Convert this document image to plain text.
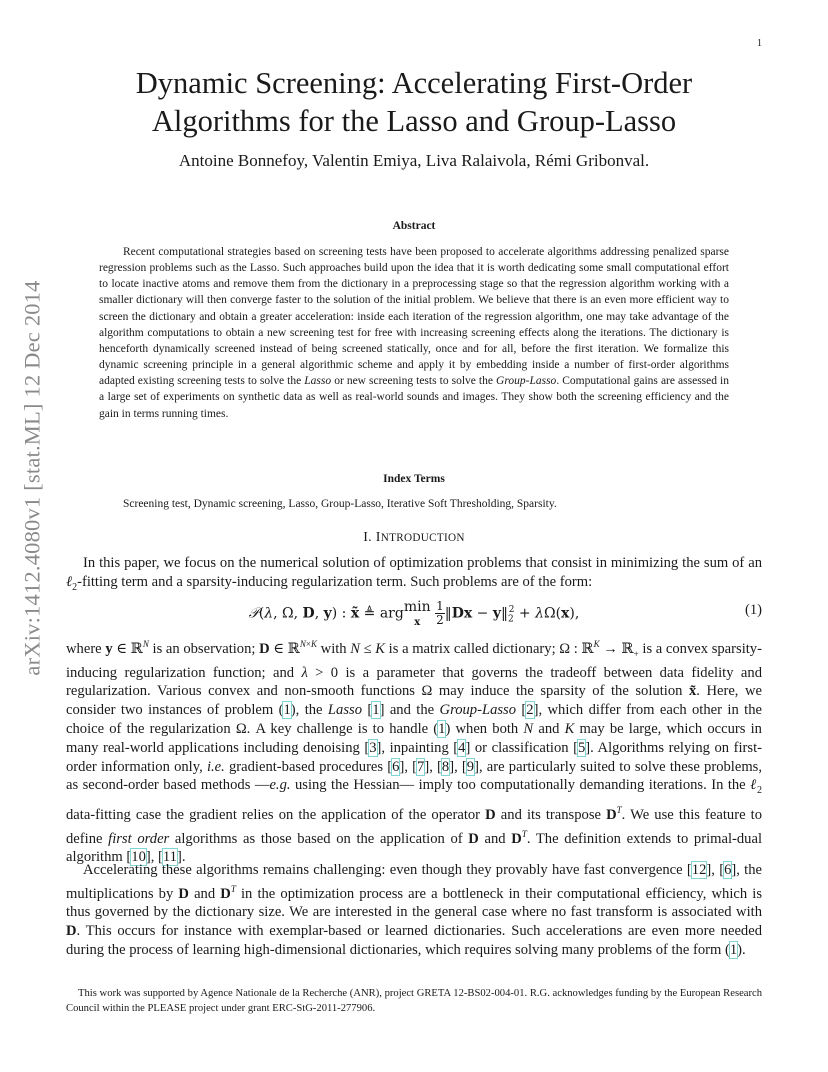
1
arXiv:1412.4080v1 [stat.ML] 12 Dec 2014
Dynamic Screening: Accelerating First-Order Algorithms for the Lasso and Group-Lasso
Antoine Bonnefoy, Valentin Emiya, Liva Ralaivola, Rémi Gribonval.
Abstract

Recent computational strategies based on screening tests have been proposed to accelerate algorithms addressing penalized sparse regression problems such as the Lasso. Such approaches build upon the idea that it is worth dedicating some small computational effort to locate inactive atoms and remove them from the dictionary in a preprocessing stage so that the regression algorithm working with a smaller dictionary will then converge faster to the solution of the initial problem. We believe that there is an even more efficient way to screen the dictionary and obtain a greater acceleration: inside each iteration of the regression algorithm, one may take advantage of the algorithm computations to obtain a new screening test for free with increasing screening effects along the iterations. The dictionary is henceforth dynamically screened instead of being screened statically, once and for all, before the first iteration. We formalize this dynamic screening principle in a general algorithmic scheme and apply it by embedding inside a number of first-order algorithms adapted existing screening tests to solve the Lasso or new screening tests to solve the Group-Lasso. Computational gains are assessed in a large set of experiments on synthetic data as well as real-world sounds and images. They show both the screening efficiency and the gain in terms running times.

Index Terms
Screening test, Dynamic screening, Lasso, Group-Lasso, Iterative Soft Thresholding, Sparsity.
I. INTRODUCTION

In this paper, we focus on the numerical solution of optimization problems that consist in minimizing the sum of an ℓ$_2$-fitting term and a sparsity-inducing regularization term. Such problems are of the form:

𝒫(λ, Ω, D, y) : x̃ ≜ argmin
x 1
2‖Dx − $y‖_2^2 + \lambda\Omega(x)$,	(1)

where y ∈ ℝ$^N$ is an observation; D ∈ ℝ$^{N\times K}$ with N ≤ K is a matrix called dictionary; Ω : ℝ$^K$ → ℝ$_+$ is a convex sparsity-inducing regularization function; and λ > 0 is a parameter that governs the tradeoff between data fidelity and regularization. Various convex and non-smooth functions Ω may induce the sparsity of the solution x̃. Here, we consider two instances of problem (1), the Lasso [1] and the Group-Lasso [2], which differ from each other in the choice of the regularization Ω. A key challenge is to handle (1) when both N and K may be large, which occurs in many real-world applications including denoising [3], inpainting [4] or classification [5]. Algorithms relying on first-order information only, i.e. gradient-based procedures [6], [7], [8], [9], are particularly suited to solve these problems, as second-order based methods —e.g. using the Hessian— imply too computationally demanding iterations. In the ℓ$_2$ data-fitting case the gradient relies on the application of the operator D and its transpose $D^T$. We use this feature to define first order algorithms as those based on the application of D and $D^T$. The definition extends to primal-dual algorithm [10], [11].

Accelerating these algorithms remains challenging: even though they provably have fast convergence [12], [6], the multiplications by D and $D^T$ in the optimization process are a bottleneck in their computational efficiency, which is thus governed by the dictionary size. We are interested in the general case where no fast transform is associated with D. This occurs for instance with exemplar-based or learned dictionaries. Such accelerations are even more needed during the process of learning high-dimensional dictionaries, which requires solving many problems of the form (1).

This work was supported by Agence Nationale de la Recherche (ANR), project GRETA 12-BS02-004-01. R.G. acknowledges funding by the European Research Council within the PLEASE project under grant ERC-StG-2011-277906.
